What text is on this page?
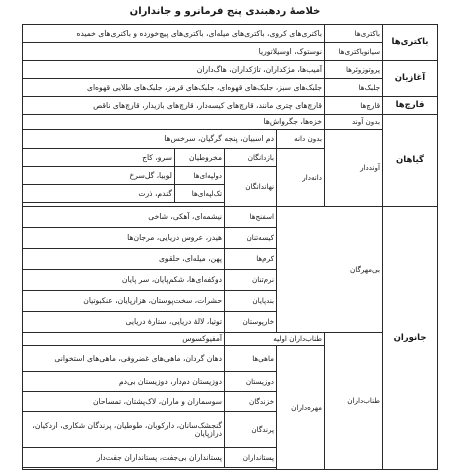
خلاصهٔ ردهبندی پنج فرمانرو و جانداران
باکتری‌ها	باکتری‌ها	باکتری‌های کروی، باکتری‌های میله‌ای، باکتری‌های پیچ‌خورده و باکتری‌های خمیده			
	سیانوباکتری‌ها	نوستوک، اوسیلاتوریا			
آغازیان	پروتوزوئرها	آمیب‌ها، مژکداران، تاژکداران، هاگ‌داران			
	جلبک‌ها	جلبک‌های سبز، جلبک‌های قهوه‌ای، جلبک‌های قرمز، جلبک‌های طلایی قهوه‌ای			
قارچ‌ها	قارچ‌ها	قارچ‌های چتری مانند، قارچ‌های کیسه‌دار، قارچ‌های بازیدار، قارچ‌های ناقص			
گیاهان	بدون آوند	خزه‌ها، جگرواش‌ها			
	آونددار	بدون دانه	دم اسبیان، پنجه گرگیان، سرخس‌ها		
		دانه‌دار	بازدانگان	مخروطیان	سرو، کاج
			نهاندانگان	دولپه‌ای‌ها	لوبیا، گل‌سرخ
				تک‌لپه‌ای‌ها	گندم، ذرت

جانوران	بی‌مهرگان		اسفنج‌ها	نیشمه‌ای، آهکی، شاخی	
			کیسه‌تنان	هیدر، عروس دریایی، مرجان‌ها	
			کرم‌ها	پهن، میله‌ای، حلقوی	
			نرم‌تنان	دوکفه‌ای‌ها، شکم‌پایان، سر پایان	
			بندپایان	حشرات، سخت‌پوستان، هزارپایان، عنکبوتیان	
			خارپوستان	توتیا، لالهٔ دریایی، ستارهٔ دریایی	
	طناب‌داران	طناب‌داران اولیه		آمفیوکسوس	
		مهره‌داران	ماهی‌ها	دهان گردان، ماهی‌های غضروفی، ماهی‌های استخوانی	
			دوزیستان	دوزیستان دم‌دار، دوزیستان بی‌دم	
			خزندگان	سوسماران و ماران، لاک‌پشتان، تمساحان	
			پرندگان	گنجشک‌سانان، دارکوبان، طوطیان، پرندگان شکاری، اردکیان، درازپایان	
			پستانداران	پستانداران بی‌جفت، پستانداران جفت‌دار	
